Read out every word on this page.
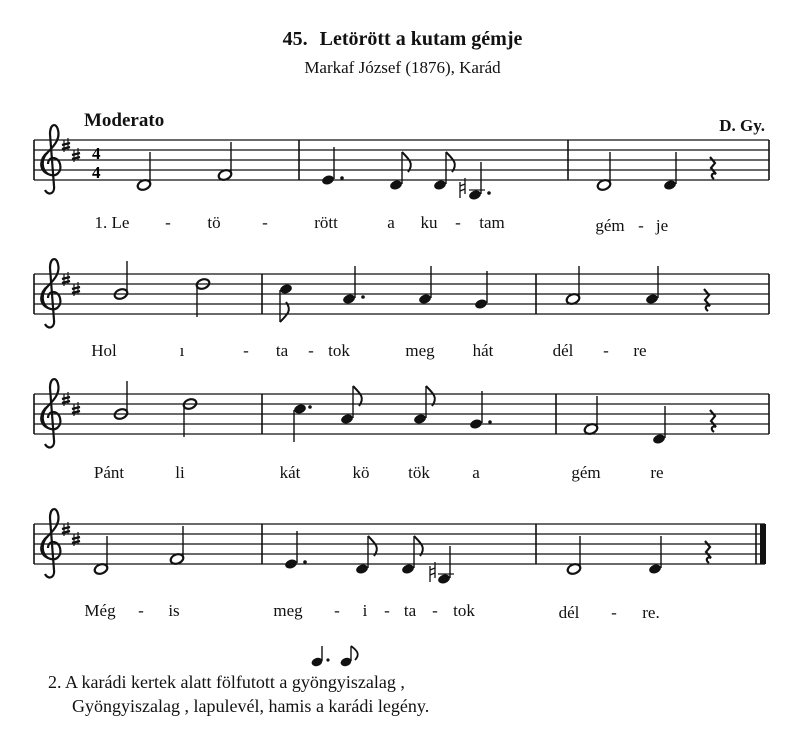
45. Letörött a kutam gémje
Markaf József (1876), Karád
Moderato	D. Gy.
4
4
1. Le - tö -	rött	a ku - tam	gém - je
Hol	ı	- ta - tok	meg hát	dél - re
Pánt	li	kát	kö tök a	gém	re
Még - is	meg - i - ta - tok	dél - re.
2. A karádi kertek alatt fölfutott a gyöngyiszalag ,
Gyöngyiszalag , lapulevél, hamis a karádi legény.
